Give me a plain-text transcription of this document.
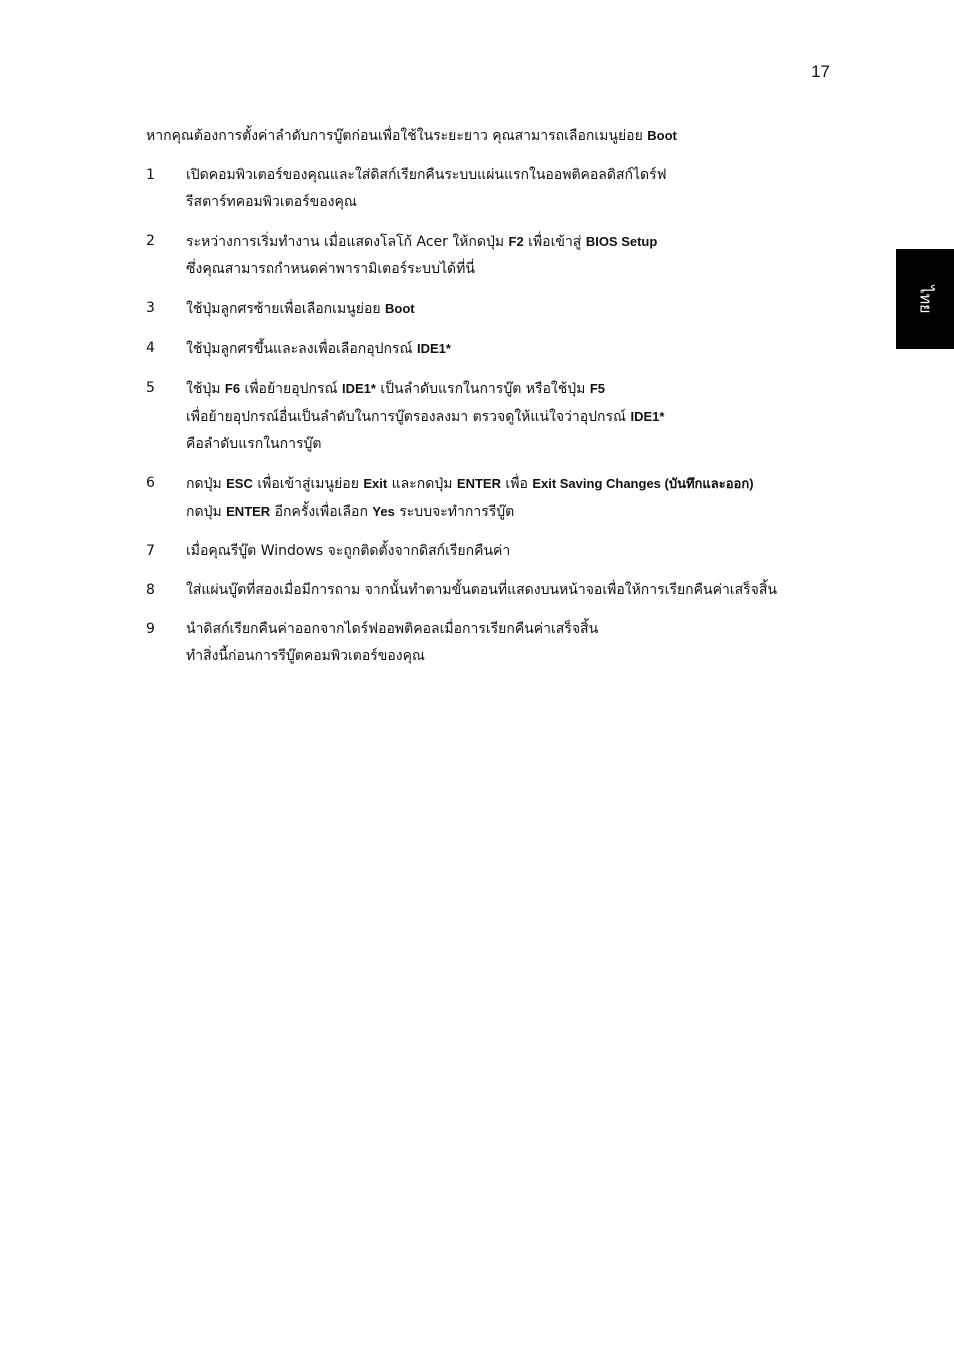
17
ไทย

หากคุณต้องการตั้งค่าลำดับการบู๊ตก่อนเพื่อใช้ในระยะยาว คุณสามารถเลือกเมนูย่อย Boot

1	เปิดคอมพิวเตอร์ของคุณและใส่ดิสก์เรียกคืนระบบแผ่นแรกในออพติคอลดิสก์ไดร์ฟ
รีสตาร์ทคอมพิวเตอร์ของคุณ
2	ระหว่างการเริ่มทำงาน เมื่อแสดงโลโก้ Acer ให้กดปุ่ม F2 เพื่อเข้าสู่ BIOS Setup
ซึ่งคุณสามารถกำหนดค่าพารามิเตอร์ระบบได้ที่นี่
3	ใช้ปุ่มลูกศรซ้ายเพื่อเลือกเมนูย่อย Boot
4	ใช้ปุ่มลูกศรขึ้นและลงเพื่อเลือกอุปกรณ์ IDE1*
5	ใช้ปุ่ม F6 เพื่อย้ายอุปกรณ์ IDE1* เป็นลำดับแรกในการบู๊ต หรือใช้ปุ่ม F5
เพื่อย้ายอุปกรณ์อื่นเป็นลำดับในการบู๊ตรองลงมา ตรวจดูให้แน่ใจว่าอุปกรณ์ IDE1*
คือลำดับแรกในการบู๊ต
6	กดปุ่ม ESC เพื่อเข้าสู่เมนูย่อย Exit และกดปุ่ม ENTER เพื่อ Exit Saving Changes (บันทึกและออก)
กดปุ่ม ENTER อีกครั้งเพื่อเลือก Yes ระบบจะทำการรีบู๊ต
7	เมื่อคุณรีบู๊ต Windows จะถูกติดตั้งจากดิสก์เรียกคืนค่า
8	ใส่แผ่นบู๊ตที่สองเมื่อมีการถาม จากนั้นทำตามขั้นตอนที่แสดงบนหน้าจอเพื่อให้การเรียกคืนค่าเสร็จสิ้น
9	นำดิสก์เรียกคืนค่าออกจากไดร์ฟออพติคอลเมื่อการเรียกคืนค่าเสร็จสิ้น
ทำสิ่งนี้ก่อนการรีบู๊ตคอมพิวเตอร์ของคุณ
